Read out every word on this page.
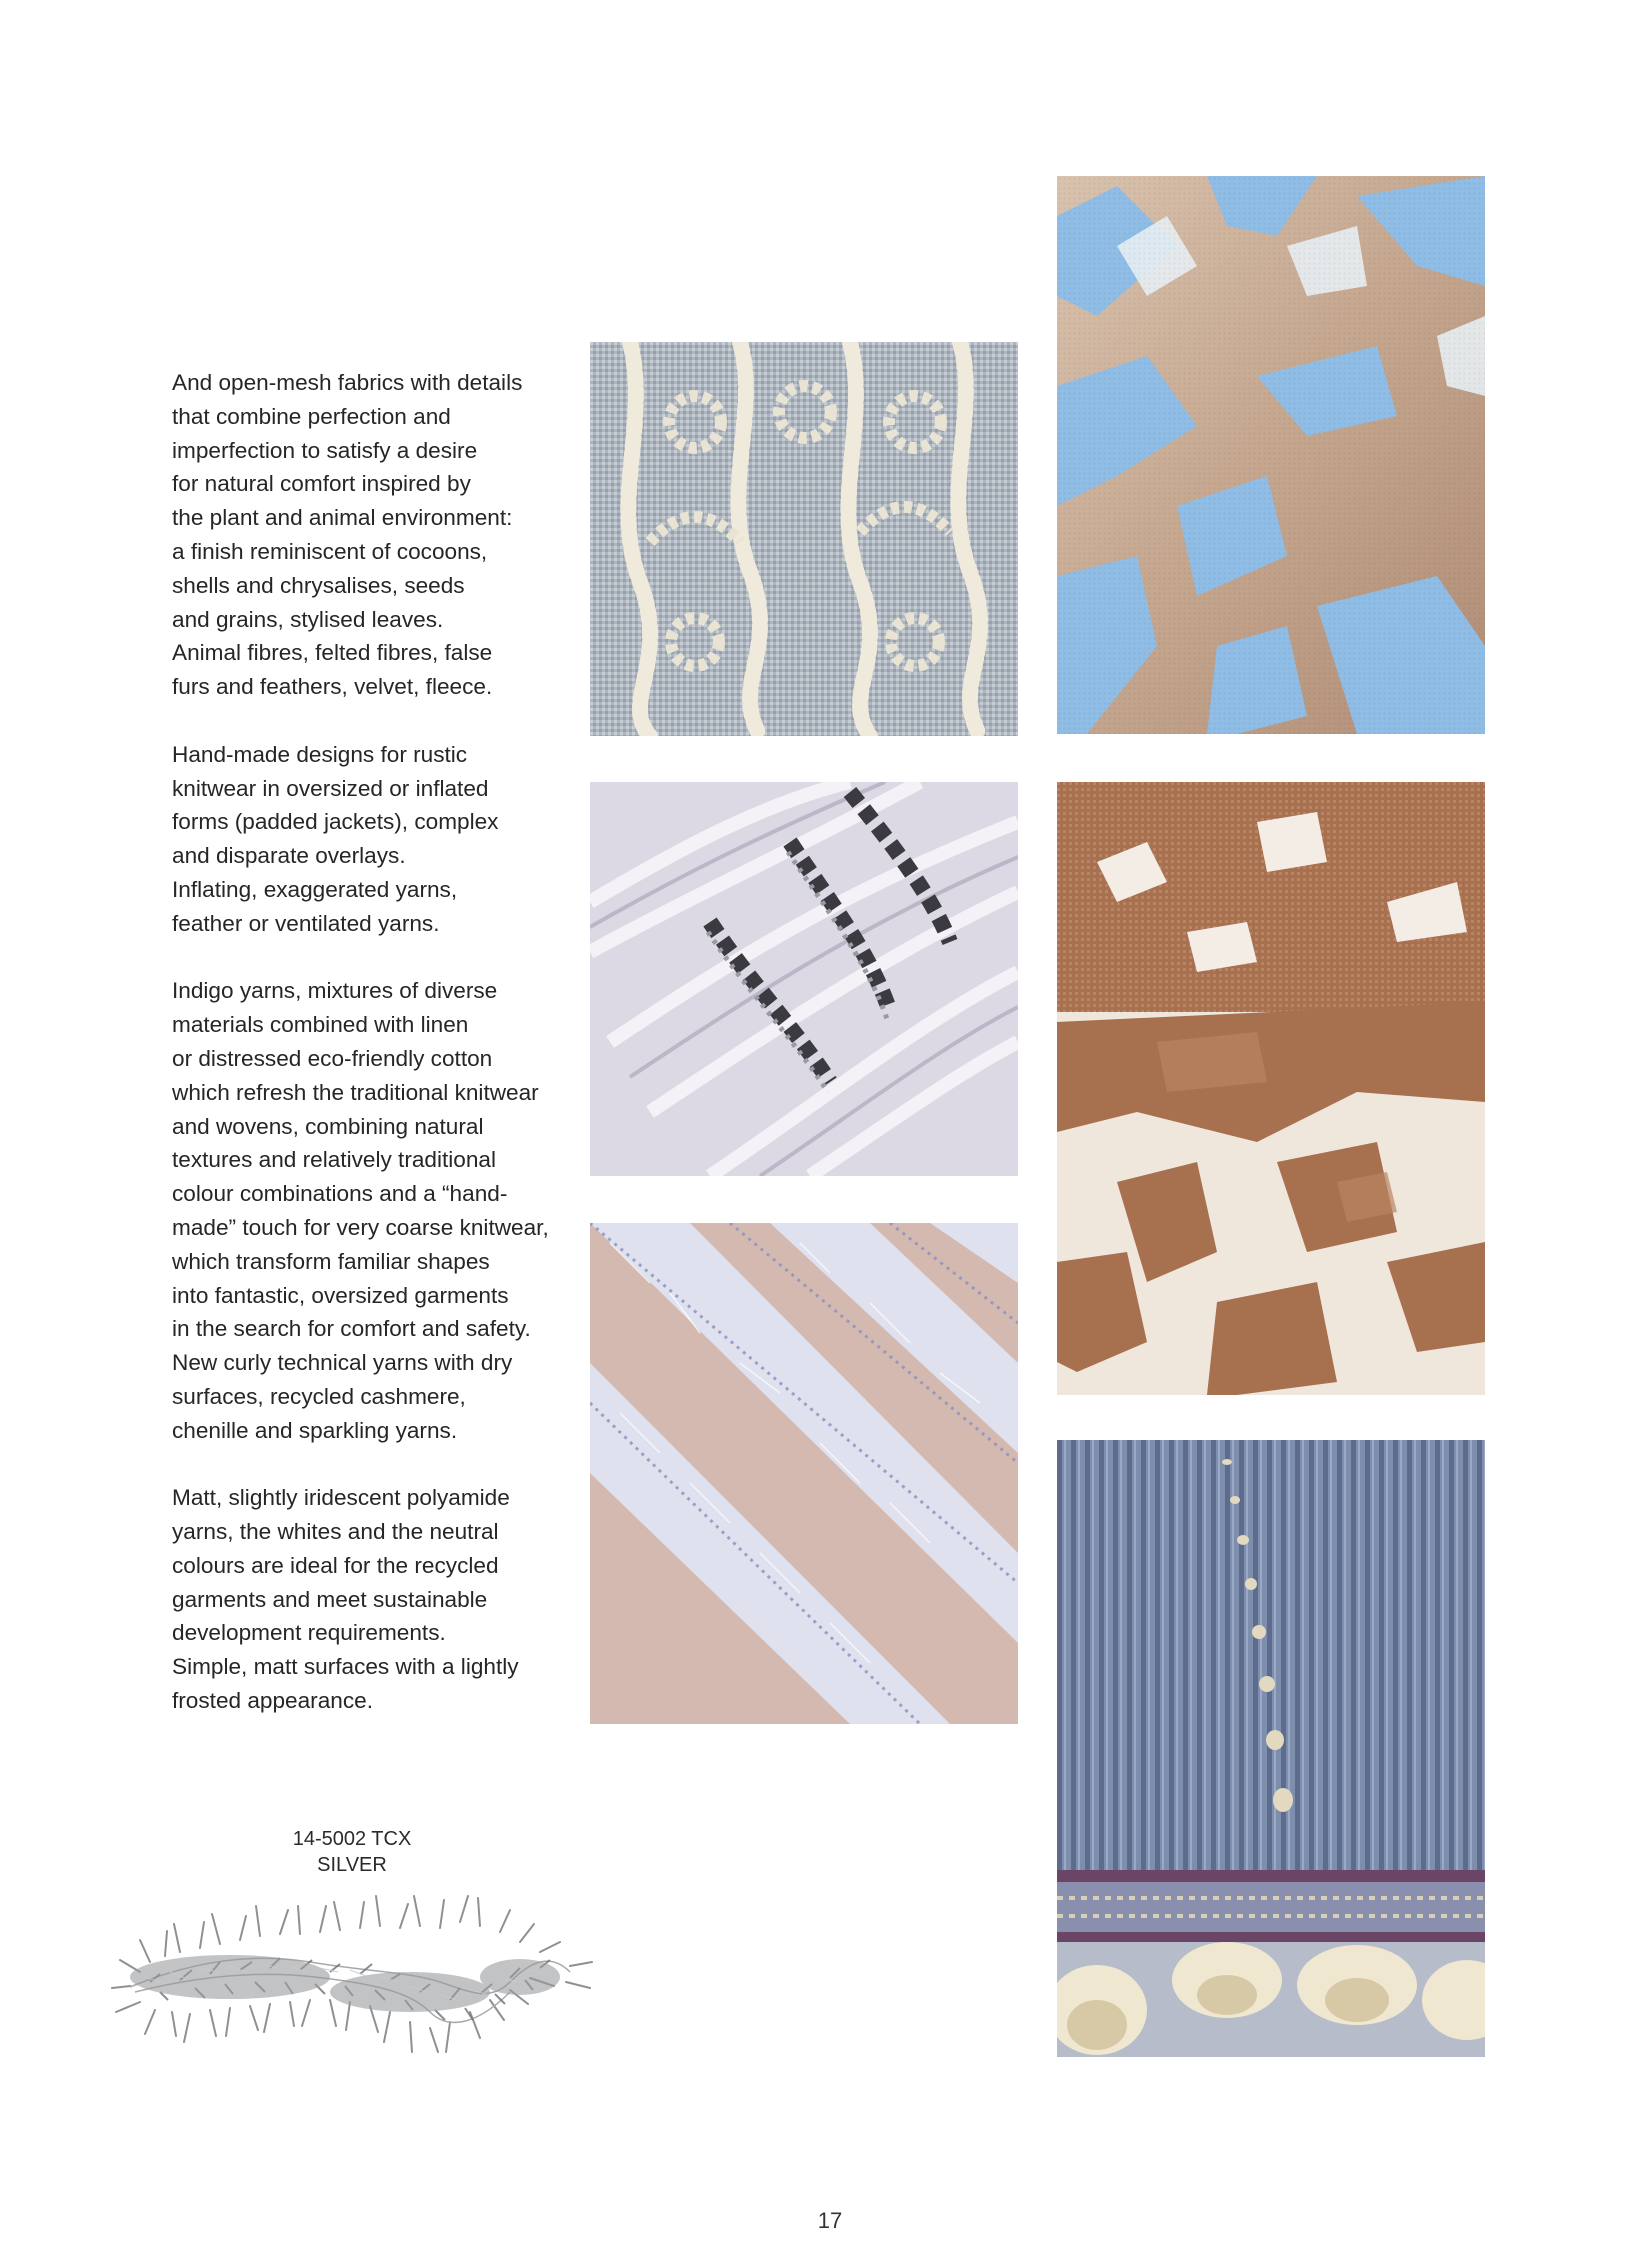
And open-mesh fabrics with details
that combine perfection and
imperfection to satisfy a desire
for natural comfort inspired by
the plant and animal environment:
a finish reminiscent of cocoons,
shells and chrysalises, seeds
and grains, stylised leaves.
Animal fibres, felted fibres, false
furs and feathers, velvet, fleece.

Hand-made designs for rustic
knitwear in oversized or inflated
forms (padded jackets), complex
and disparate overlays.
Inflating, exaggerated yarns,
feather or ventilated yarns.

Indigo yarns, mixtures of diverse
materials combined with linen
or distressed eco-friendly cotton
which refresh the traditional knitwear
and wovens, combining natural
textures and relatively traditional
colour combinations and a “hand-
made” touch for very coarse knitwear,
which transform familiar shapes
into fantastic, oversized garments
in the search for comfort and safety.
New curly technical yarns with dry
surfaces, recycled cashmere,
chenille and sparkling yarns.

Matt, slightly iridescent polyamide
yarns, the whites and the neutral
colours are ideal for the recycled
garments and meet sustainable
development requirements.
Simple, matt surfaces with a lightly
frosted appearance.

14-5002 TCX
SILVER
17
